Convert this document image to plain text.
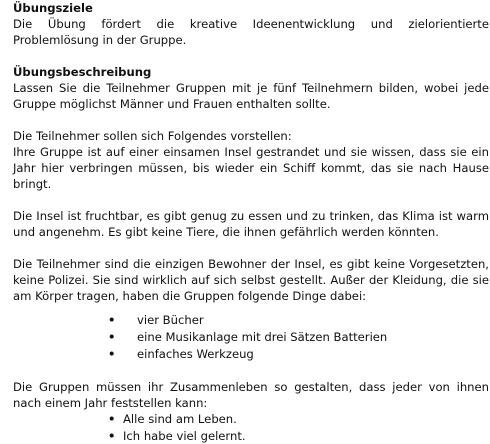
Übungsziele

Die Übung fördert die kreative Ideenentwicklung und zielorientierte Problemlösung in der Gruppe.

Übungsbeschreibung

Lassen Sie die Teilnehmer Gruppen mit je fünf Teilnehmern bilden, wobei jede Gruppe möglichst Männer und Frauen enthalten sollte.

Die Teilnehmer sollen sich Folgendes vorstellen:

Ihre Gruppe ist auf einer einsamen Insel gestrandet und sie wissen, dass sie ein Jahr hier verbringen müssen, bis wieder ein Schiff kommt, das sie nach Hause bringt.

Die Insel ist fruchtbar, es gibt genug zu essen und zu trinken, das Klima ist warm und angenehm. Es gibt keine Tiere, die ihnen gefährlich werden könnten.

Die Teilnehmer sind die einzigen Bewohner der Insel, es gibt keine Vorgesetzten, keine Polizei. Sie sind wirklich auf sich selbst gestellt. Außer der Kleidung, die sie am Körper tragen, haben die Gruppen folgende Dinge dabei:

• vier Bücher
• eine Musikanlage mit drei Sätzen Batterien
• einfaches Werkzeug

Die Gruppen müssen ihr Zusammenleben so gestalten, dass jeder von ihnen nach einem Jahr feststellen kann:

• Alle sind am Leben.
• Ich habe viel gelernt.
